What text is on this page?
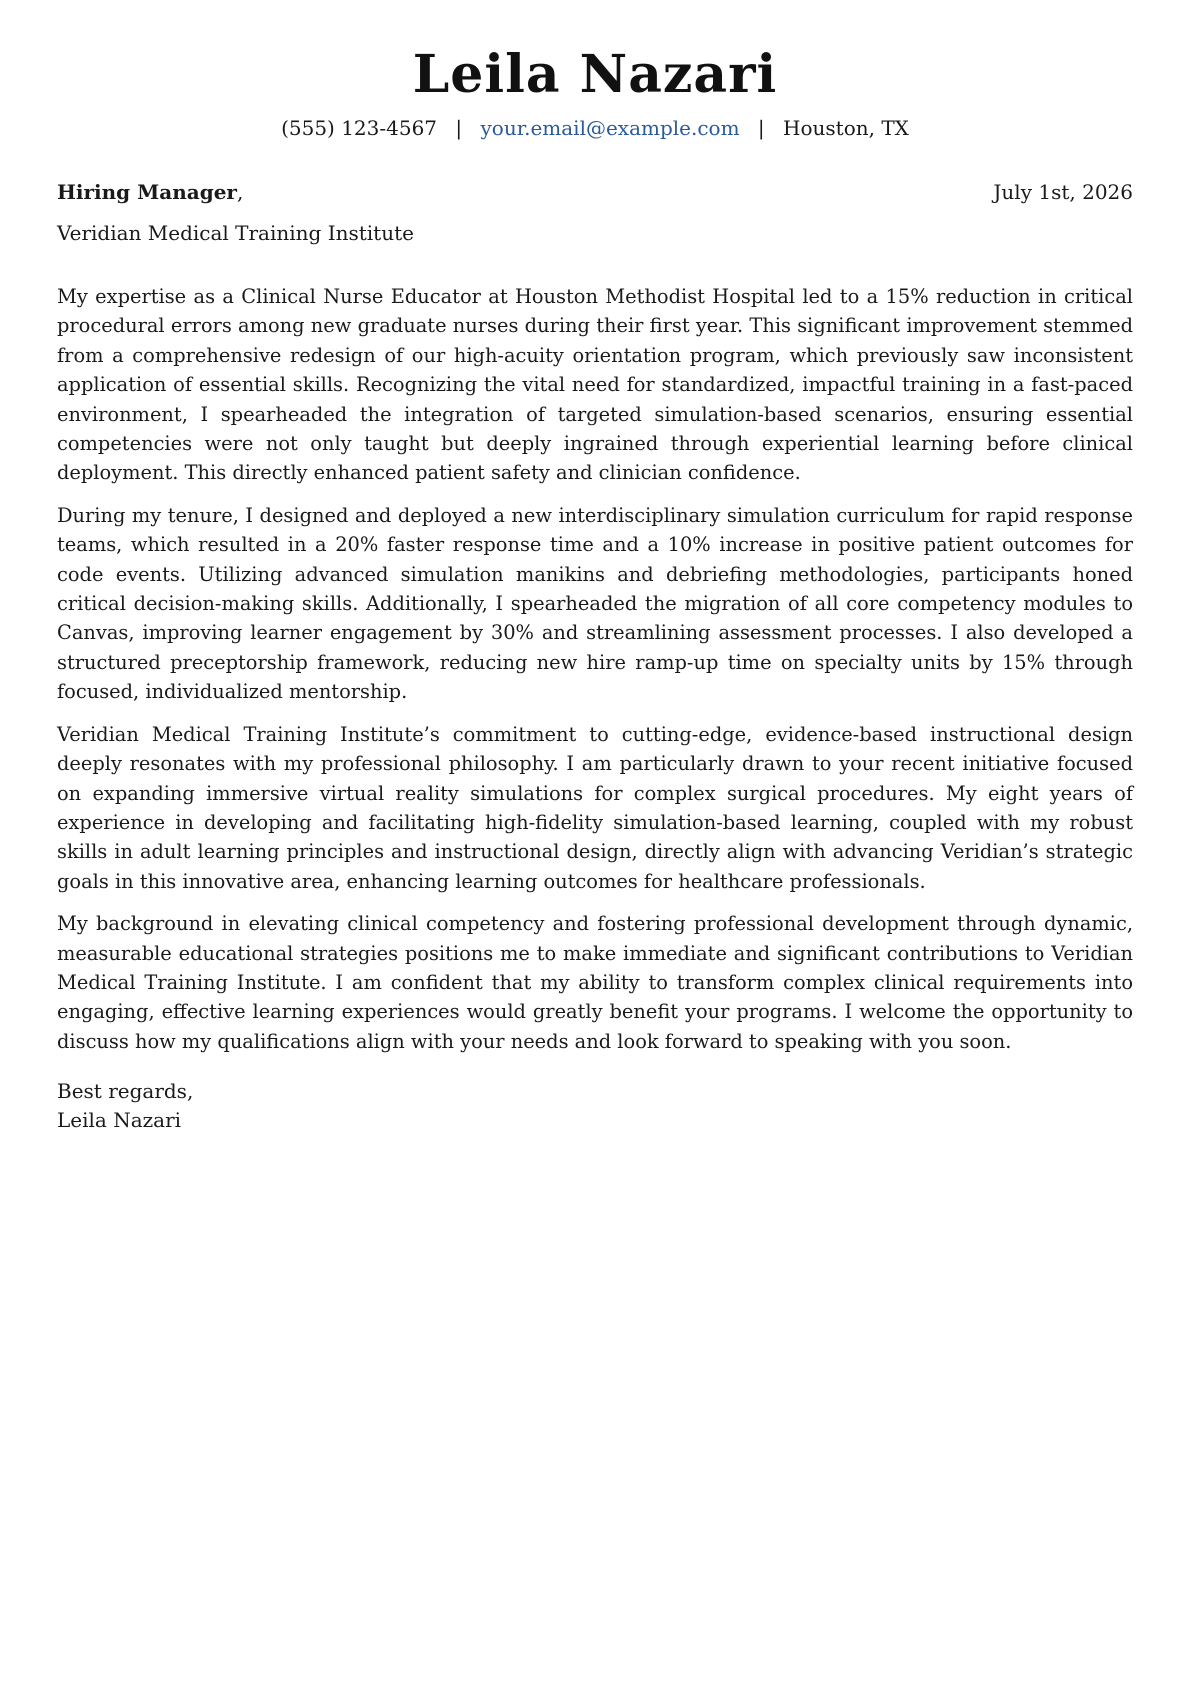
Leila Nazari
(555) 123-4567 | your.email@example.com | Houston, TX
Hiring Manager,	July 1st, 2026
Veridian Medical Training Institute

My expertise as a Clinical Nurse Educator at Houston Methodist Hospital led to a 15% reduction in critical procedural errors among new graduate nurses during their first year. This significant improvement stemmed from a comprehensive redesign of our high-acuity orientation program, which previously saw inconsistent application of essential skills. Recognizing the vital need for standardized, impactful training in a fast-paced environment, I spearheaded the integration of targeted simulation-based scenarios, ensuring essential competencies were not only taught but deeply ingrained through experiential learning before clinical deployment. This directly enhanced patient safety and clinician confidence.

During my tenure, I designed and deployed a new interdisciplinary simulation curriculum for rapid response teams, which resulted in a 20% faster response time and a 10% increase in positive patient outcomes for code events. Utilizing advanced simulation manikins and debriefing methodologies, participants honed critical decision-making skills. Additionally, I spearheaded the migration of all core competency modules to Canvas, improving learner engagement by 30% and streamlining assessment processes. I also developed a structured preceptorship framework, reducing new hire ramp-up time on specialty units by 15% through focused, individualized mentorship.

Veridian Medical Training Institute’s commitment to cutting-edge, evidence-based instructional design deeply resonates with my professional philosophy. I am particularly drawn to your recent initiative focused on expanding immersive virtual reality simulations for complex surgical procedures. My eight years of experience in developing and facilitating high-fidelity simulation-based learning, coupled with my robust skills in adult learning principles and instructional design, directly align with advancing Veridian’s strategic goals in this innovative area, enhancing learning outcomes for healthcare professionals.

My background in elevating clinical competency and fostering professional development through dynamic, measurable educational strategies positions me to make immediate and significant contributions to Veridian Medical Training Institute. I am confident that my ability to transform complex clinical requirements into engaging, effective learning experiences would greatly benefit your programs. I welcome the opportunity to discuss how my qualifications align with your needs and look forward to speaking with you soon.

Best regards,
Leila Nazari
